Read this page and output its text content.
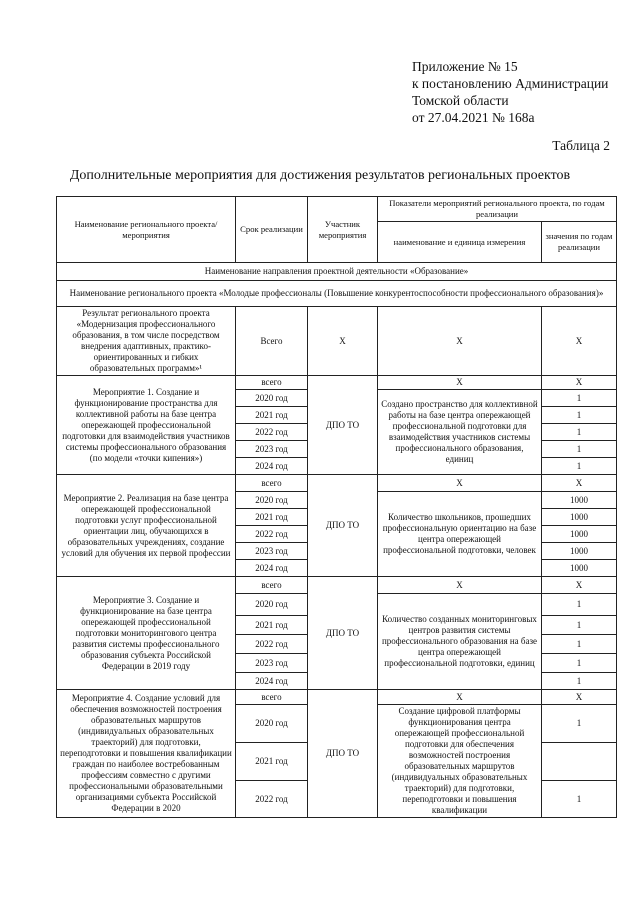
Приложение № 15
к постановлению Администрации
Томской области
от 27.04.2021 № 168а
Таблица 2
Дополнительные мероприятия для достижения результатов региональных проектов
Наименование регионального проекта/ мероприятия	Срок реализации	Участник мероприятия	Показатели мероприятий регионального проекта, по годам реализации	
			наименование и единица измерения	значения по годам реализации
Наименование направления проектной деятельности «Образование»				
Наименование регионального проекта «Молодые профессионалы (Повышение конкурентоспособности профессионального образования)»				
Результат регионального проекта «Модернизация профессионального образования, в том числе посредством внедрения адаптивных, практико-ориентированных и гибких образовательных программ»¹	Всего	Х	Х	Х
Мероприятие 1. Создание и функционирование пространства для коллективной работы на базе центра опережающей профессиональной подготовки для взаимодействия участников системы профессионального образования (по модели «точки кипения»)	всего	ДПО ТО	Х	Х
	2020 год		Создано пространство для коллективной работы на базе центра опережающей профессиональной подготовки для взаимодействия участников системы профессионального образования, единиц	1
	2021 год			1
	2022 год			1
	2023 год			1
	2024 год			1
Мероприятие 2. Реализация на базе центра опережающей профессиональной подготовки услуг профессиональной ориентации лиц, обучающихся в образовательных учреждениях, создание условий для обучения их первой профессии	всего	ДПО ТО	Х	Х
	2020 год		Количество школьников, прошедших профессиональную ориентацию на базе центра опережающей профессиональной подготовки, человек	1000
	2021 год			1000
	2022 год			1000
	2023 год			1000
	2024 год			1000
Мероприятие 3. Создание и функционирование на базе центра опережающей профессиональной подготовки мониторингового центра развития системы профессионального образования субъекта Российской Федерации в 2019 году	всего	ДПО ТО	Х	Х
	2020 год		Количество созданных мониторинговых центров развития системы профессионального образования на базе центра опережающей профессиональной подготовки, единиц	1
	2021 год			1
	2022 год			1
	2023 год			1
	2024 год			1
Мероприятие 4. Создание условий для обеспечения возможностей построения образовательных маршрутов (индивидуальных образовательных траекторий) для подготовки, переподготовки и повышения квалификации граждан по наиболее востребованным профессиям совместно с другими профессиональными образовательными организациями субъекта Российской Федерации в 2020	всего	ДПО ТО	Х	Х
	2020 год		Создание цифровой платформы функционирования центра опережающей профессиональной подготовки для обеспечения возможностей построения образовательных маршрутов (индивидуальных образовательных траекторий) для подготовки, переподготовки и повышения квалификации	1
	2021 год			
	2022 год			1
